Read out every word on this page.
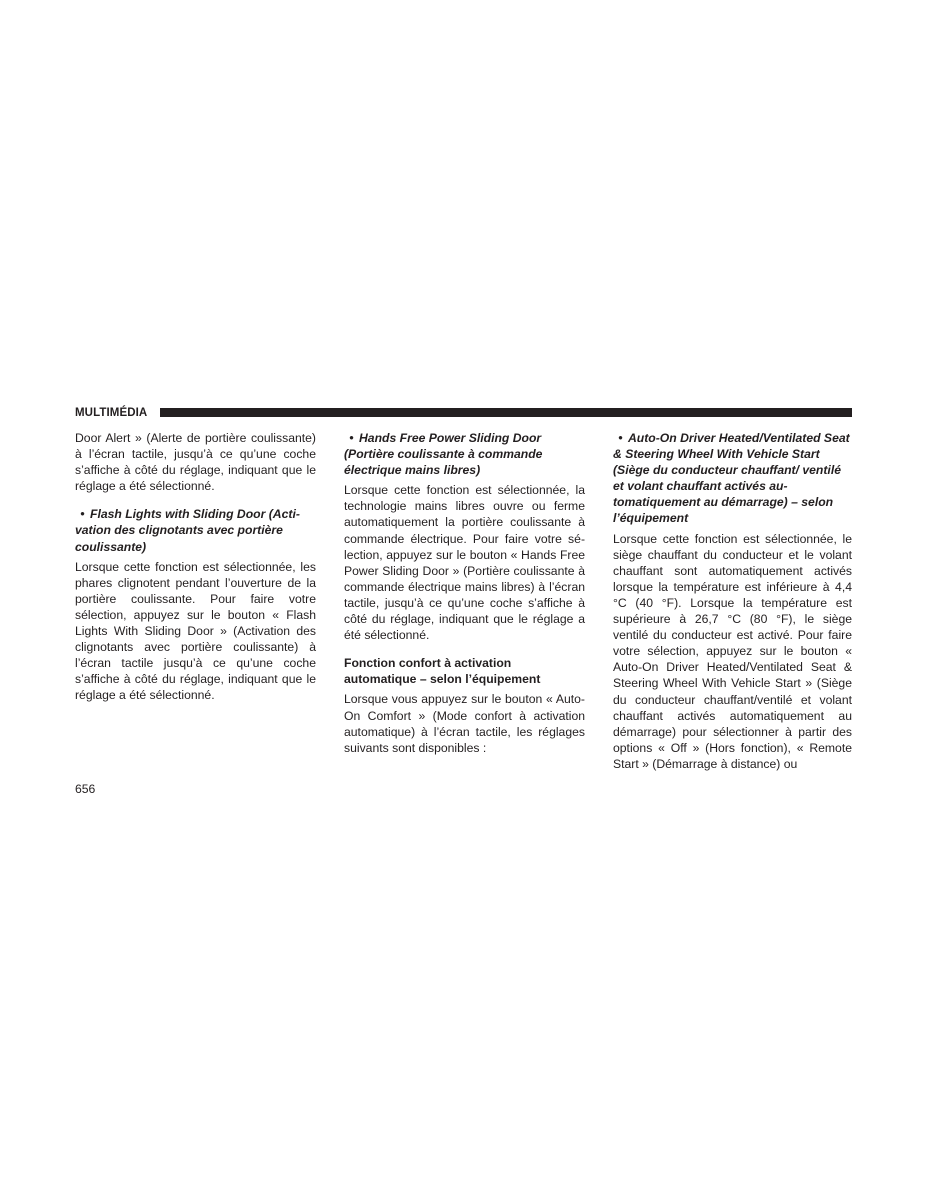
MULTIMÉDIA

Door Alert » (Alerte de portière coulissante) à l’écran tactile, jusqu’à ce qu’une coche s’affiche à côté du réglage, indiquant que le réglage a été sélectionné.

• Flash Lights with Sliding Door (Activation des clignotants avec portière coulissante)

Lorsque cette fonction est sélectionnée, les phares clignotent pendant l’ouverture de la portière coulissante. Pour faire votre sélection, appuyez sur le bouton « Flash Lights With Sliding Door » (Activation des clignotants avec portière coulissante) à l’écran tactile jusqu’à ce qu’une coche s’affiche à côté du réglage, indiquant que le réglage a été sélectionné.

• Hands Free Power Sliding Door (Portière coulissante à commande électrique mains libres)

Lorsque cette fonction est sélectionnée, la technologie mains libres ouvre ou ferme automatiquement la portière coulissante à commande électrique. Pour faire votre sélection, appuyez sur le bouton « Hands Free Power Sliding Door » (Portière coulissante à commande électrique mains libres) à l’écran tactile, jusqu’à ce qu’une coche s’affiche à côté du réglage, indiquant que le réglage a été sélectionné.

Fonction confort à activation automatique – selon l’équipement

Lorsque vous appuyez sur le bouton « Auto-On Comfort » (Mode confort à activation automatique) à l’écran tactile, les réglages suivants sont disponibles :

• Auto-On Driver Heated/Ventilated Seat & Steering Wheel With Vehicle Start (Siège du conducteur chauffant/ ventilé et volant chauffant activés automatiquement au démarrage) – selon l’équipement

Lorsque cette fonction est sélectionnée, le siège chauffant du conducteur et le volant chauffant sont automatiquement activés lorsque la température est inférieure à 4,4 °C (40 °F). Lorsque la température est supérieure à 26,7 °C (80 °F), le siège ventilé du conducteur est activé. Pour faire votre sélection, appuyez sur le bouton « Auto-On Driver Heated/Ventilated Seat & Steering Wheel With Vehicle Start » (Siège du conducteur chauffant/ventilé et volant chauffant activés automatiquement au démarrage) pour sélectionner à partir des options « Off » (Hors fonction), « Remote Start » (Démarrage à distance) ou

656
